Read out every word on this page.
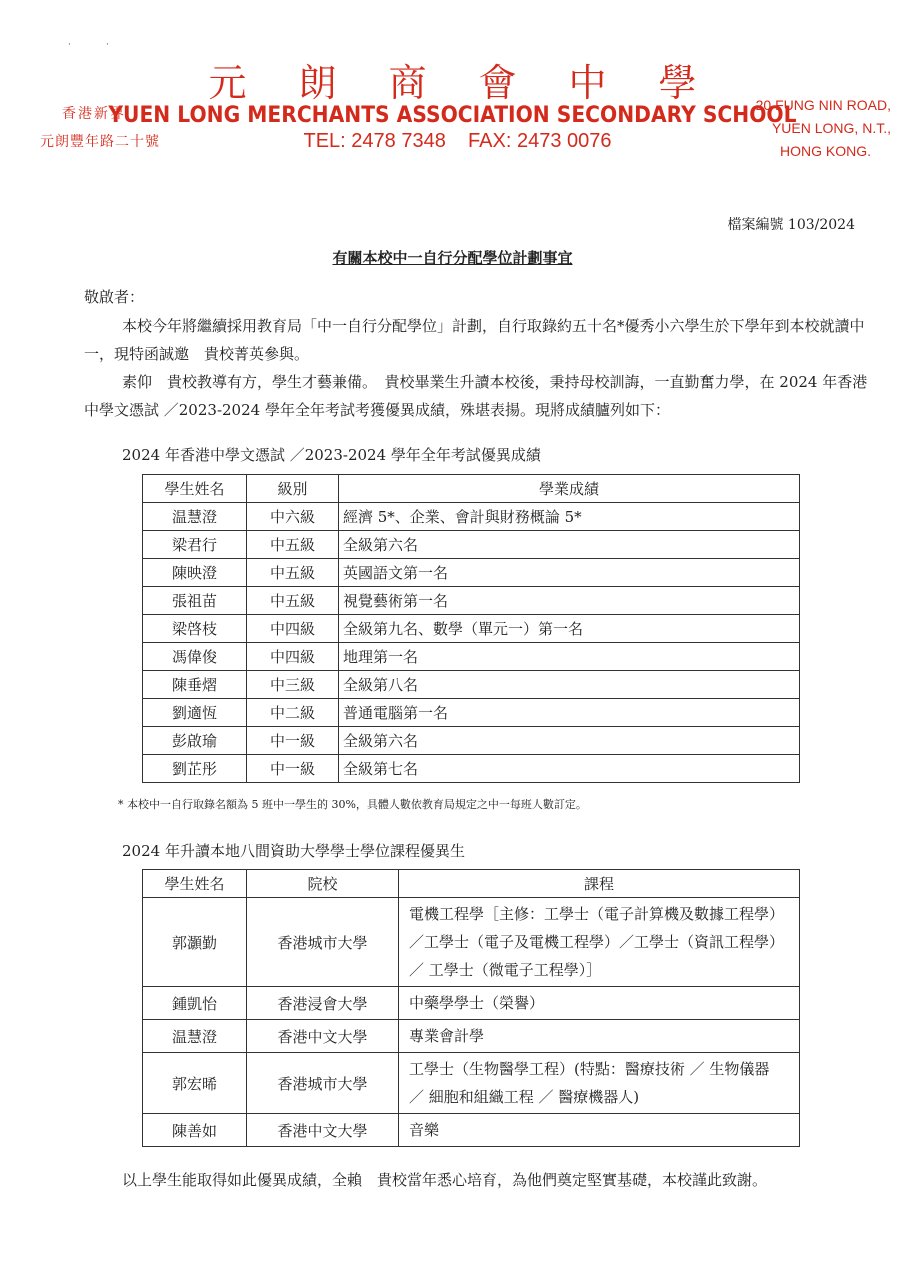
·	·
元朗商會中學
YUEN LONG MERCHANTS ASSOCIATION SECONDARY SCHOOL
TEL: 2478 7348    FAX: 2473 0076
香港新界
元朗豐年路二十號
20 FUNG NIN ROAD,
YUEN LONG, N.T.,
HONG KONG.
檔案編號 103/2024
有關本校中一自行分配學位計劃事宜
敬啟者：
本校今年將繼續採用教育局「中一自行分配學位」計劃，自行取錄約五十名*優秀小六學生於下學年到本校就讀中一，現特函誠邀　貴校菁英參與。
素仰　貴校教導有方，學生才藝兼備。　貴校畢業生升讀本校後，秉持母校訓誨，一直勤奮力學，在 2024 年香港中學文憑試 ／2023-2024 學年全年考試考獲優異成績，殊堪表揚。現將成績臚列如下：
2024 年香港中學文憑試 ／2023-2024 學年全年考試優異成績
學生姓名	級別	學業成績
温慧澄	中六級	經濟 5*、企業、會計與財務概論 5*
梁君行	中五級	全級第六名
陳映澄	中五級	英國語文第一名
張祖苗	中五級	視覺藝術第一名
梁啓枝	中四級	全級第九名、數學（單元一）第一名
馮偉俊	中四級	地理第一名
陳垂熠	中三級	全級第八名
劉適恆	中二級	普通電腦第一名
彭啟瑜	中一級	全級第六名
劉芷彤	中一級	全級第七名
* 本校中一自行取錄名額為 5 班中一學生的 30%，具體人數依教育局規定之中一每班人數訂定。
2024 年升讀本地八間資助大學學士學位課程優異生
學生姓名	院校	課程
郭灝勤	香港城市大學	電機工程學［主修：工學士（電子計算機及數據工程學）／工學士（電子及電機工程學）／工學士（資訊工程學）／ 工學士（微電子工程學）］
鍾凱怡	香港浸會大學	中藥學學士（榮譽）
温慧澄	香港中文大學	專業會計學
郭宏晞	香港城市大學	工學士（生物醫學工程）(特點：醫療技術 ／ 生物儀器 ／ 細胞和組織工程 ／ 醫療機器人)
陳善如	香港中文大學	音樂
以上學生能取得如此優異成績，全賴　貴校當年悉心培育，為他們奠定堅實基礎，本校謹此致謝。
